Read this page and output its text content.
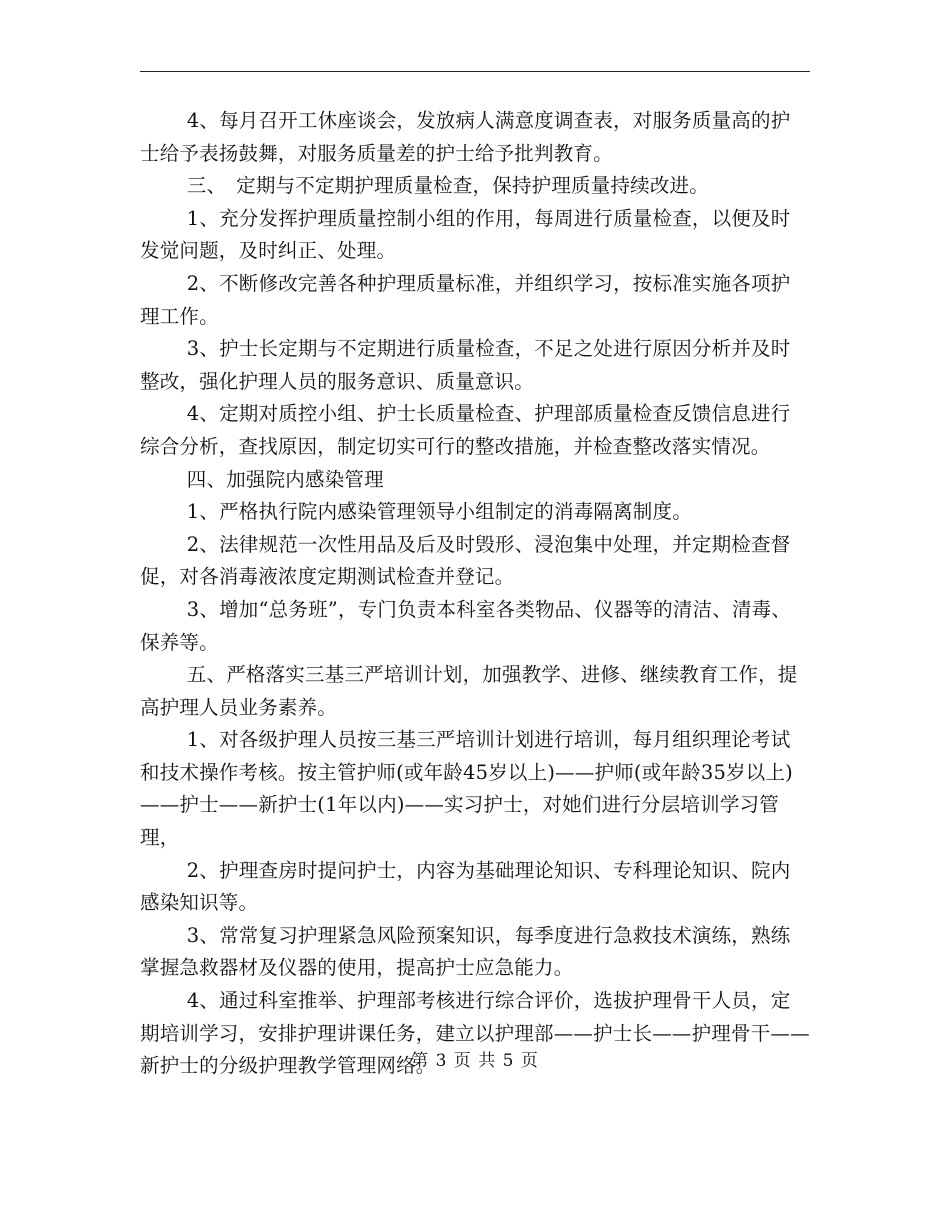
4、每月召开工休座谈会，发放病人满意度调查表，对服务质量高的护士给予表扬鼓舞，对服务质量差的护士给予批判教育。

三、　定期与不定期护理质量检查，保持护理质量持续改进。

1、充分发挥护理质量控制小组的作用，每周进行质量检查，以便及时发觉问题，及时纠正、处理。

2、不断修改完善各种护理质量标准，并组织学习，按标准实施各项护理工作。

3、护士长定期与不定期进行质量检查，不足之处进行原因分析并及时整改，强化护理人员的服务意识、质量意识。

4、定期对质控小组、护士长质量检查、护理部质量检查反馈信息进行综合分析，查找原因，制定切实可行的整改措施，并检查整改落实情况。

四、加强院内感染管理

1、严格执行院内感染管理领导小组制定的消毒隔离制度。

2、法律规范一次性用品及后及时毁形、浸泡集中处理，并定期检查督促，对各消毒液浓度定期测试检查并登记。

3、增加“总务班”，专门负责本科室各类物品、仪器等的清洁、清毒、保养等。

五、严格落实三基三严培训计划，加强教学、进修、继续教育工作，提高护理人员业务素养。

1、对各级护理人员按三基三严培训计划进行培训，每月组织理论考试和技术操作考核。按主管护师(或年龄45岁以上)——护师(或年龄35岁以上)——护士——新护士(1年以内)——实习护士，对她们进行分层培训学习管理，

2、护理查房时提问护士，内容为基础理论知识、专科理论知识、院内感染知识等。

3、常常复习护理紧急风险预案知识，每季度进行急救技术演练，熟练掌握急救器材及仪器的使用，提高护士应急能力。

4、通过科室推举、护理部考核进行综合评价，选拔护理骨干人员，定期培训学习，安排护理讲课任务，建立以护理部——护士长——护理骨干——新护士的分级护理教学管理网络。

第 3 页 共 5 页
